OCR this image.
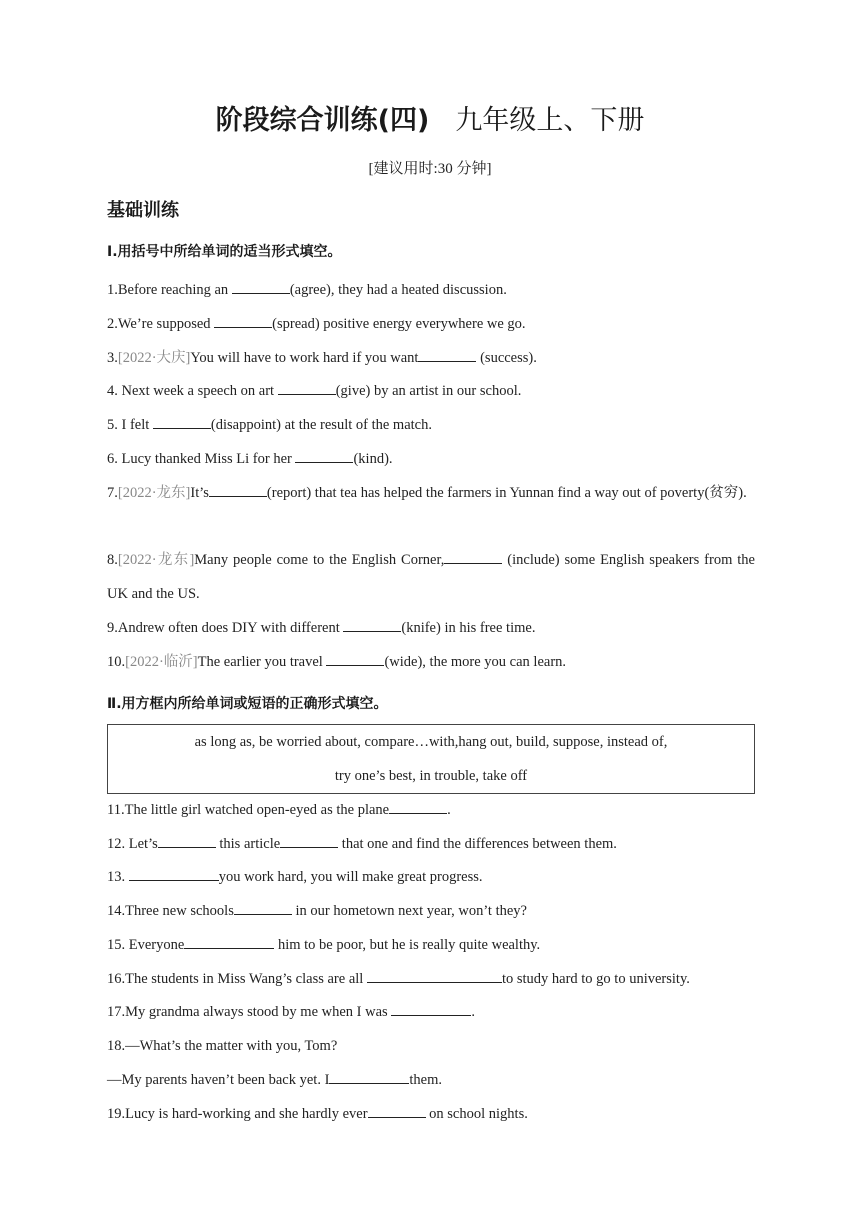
阶段综合训练(四) 九年级上、下册
[建议用时:30 分钟]
基础训练
Ⅰ.用括号中所给单词的适当形式填空。
1.Before reaching an	(agree), they had a heated discussion.
2.We’re supposed	(spread) positive energy everywhere we go.
3.[2022·大庆]You will have to work hard if you want	(success).
4. Next week a speech on art	(give) by an artist in our school.
5. I felt	(disappoint) at the result of the match.
6. Lucy thanked Miss Li for her	(kind).
7.[2022·龙东]It’s	(report) that tea has helped the farmers in Yunnan find a way out of poverty(贫穷).
8.[2022·龙东]Many people come to the English Corner,	(include) some English speakers from the UK and the US.
9.Andrew often does DIY with different	(knife) in his free time.
10.[2022·临沂]The earlier you travel	(wide), the more you can learn.
Ⅱ.用方框内所给单词或短语的正确形式填空。
as long as, be worried about, compare…with,hang out, build, suppose, instead of,
try one’s best, in trouble, take off
11.The little girl watched open-eyed as the plane	.
12. Let’s	this article	that one and find the differences between them.
13.	you work hard, you will make great progress.
14.Three new schools	in our hometown next year, won’t they?
15. Everyone	him to be poor, but he is really quite wealthy.
16.The students in Miss Wang’s class are all	to study hard to go to university.
17.My grandma always stood by me when I was	.
18.—What’s the matter with you, Tom?
—My parents haven’t been back yet. I	them.
19.Lucy is hard-working and she hardly ever	on school nights.
